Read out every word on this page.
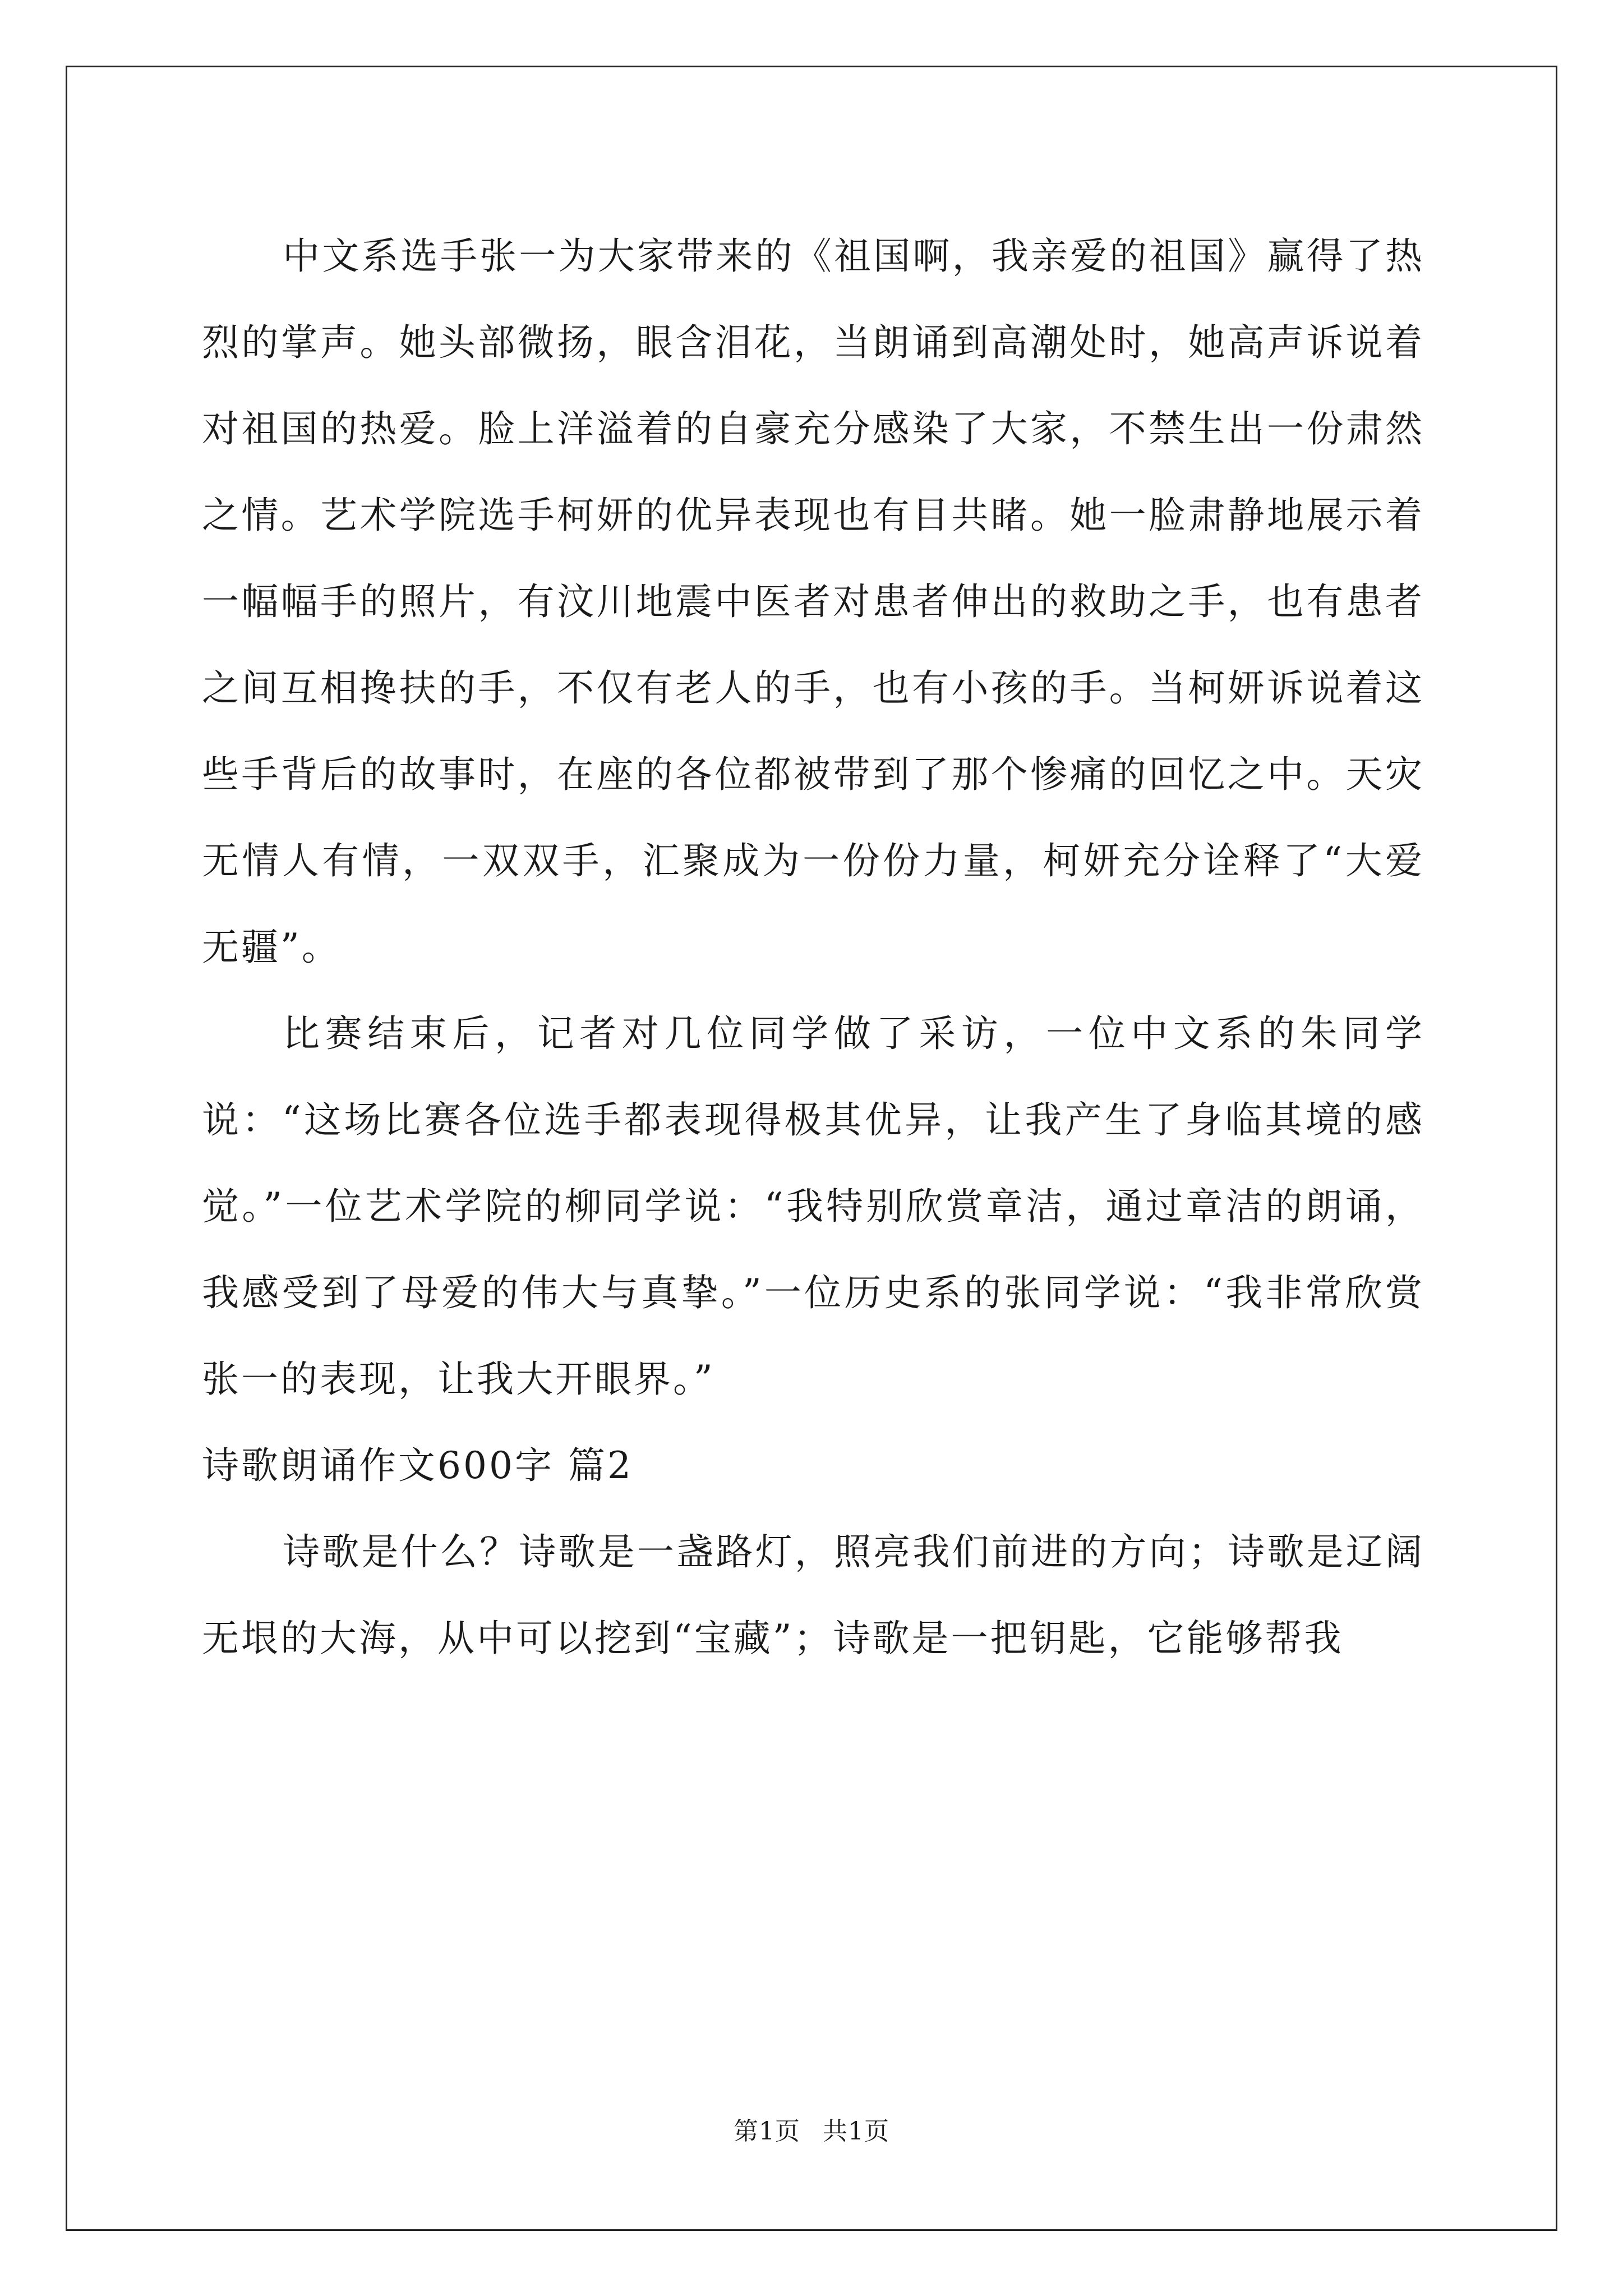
中文系选手张一为大家带来的《祖国啊，我亲爱的祖国》赢得了热烈的掌声。她头部微扬，眼含泪花，当朗诵到高潮处时，她高声诉说着对祖国的热爱。脸上洋溢着的自豪充分感染了大家，不禁生出一份肃然之情。艺术学院选手柯妍的优异表现也有目共睹。她一脸肃静地展示着一幅幅手的照片，有汶川地震中医者对患者伸出的救助之手，也有患者之间互相搀扶的手，不仅有老人的手，也有小孩的手。当柯妍诉说着这些手背后的故事时，在座的各位都被带到了那个惨痛的回忆之中。天灾无情人有情，一双双手，汇聚成为一份份力量，柯妍充分诠释了“大爱无疆”。

比赛结束后，记者对几位同学做了采访，一位中文系的朱同学说：“这场比赛各位选手都表现得极其优异，让我产生了身临其境的感觉。”一位艺术学院的柳同学说：“我特别欣赏章洁，通过章洁的朗诵，我感受到了母爱的伟大与真挚。”一位历史系的张同学说：“我非常欣赏张一的表现，让我大开眼界。”

诗歌朗诵作文600字 篇2

诗歌是什么？诗歌是一盏路灯，照亮我们前进的方向；诗歌是辽阔无垠的大海，从中可以挖到“宝藏”；诗歌是一把钥匙，它能够帮我

第1页 共1页
